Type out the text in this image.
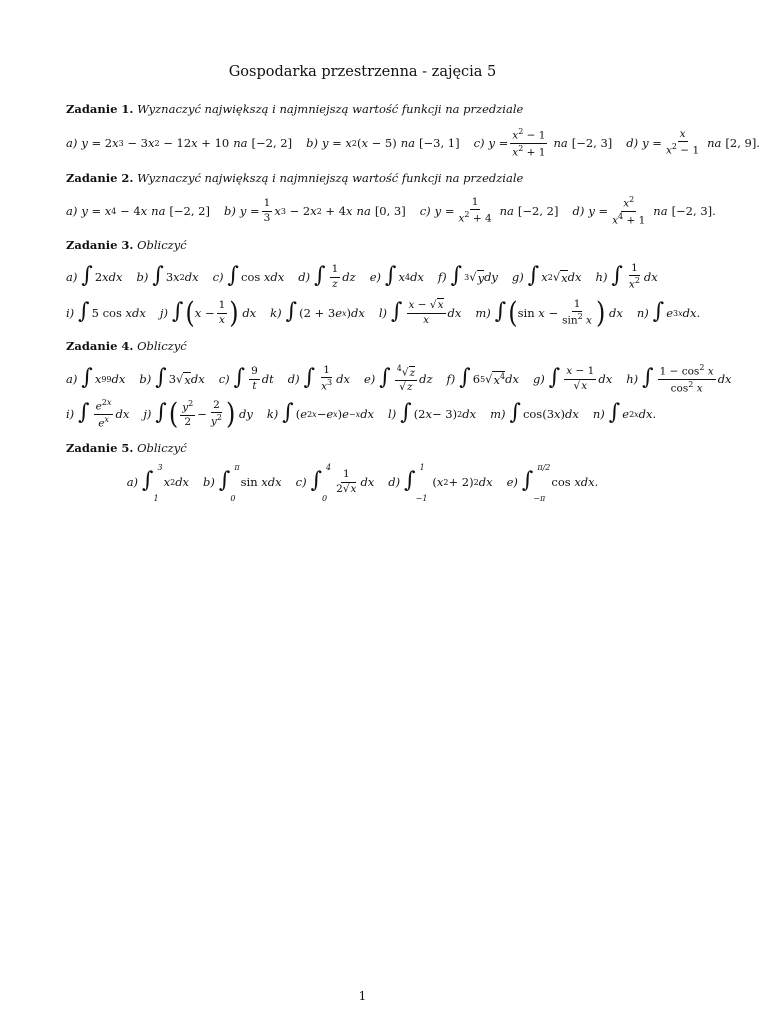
Gospodarka przestrzenna - zajęcia 5
Zadanie 1. Wyznaczyć największą i najmniejszą wartość funkcji na przedziale
a) y = 2 x 3 − 3 x 2 − 12 x + 10 na [−2, 2] b) y = x 2 ( x − 5) na [−3, 1] c) $y = \frac{x^2 - 1}{x^2 + 1}$ na [−2, 3] d) $y = \frac{x}{x^2 - 1}$ na [2, 9].
Zadanie 2. Wyznaczyć największą i najmniejszą wartość funkcji na przedziale
a) y = x 4 − 4 x na [−2, 2] b) $y = \frac{1}{3}$ x 3 − 2 x 2 + 4 x na [0, 3] c) $y = \frac{1}{x^2 + 4}$ na [−2, 2] d) $y = \frac{x^2}{x^4 + 1}$ na [−2, 3].
Zadanie 3. Obliczyć
a) ∫ 2 xdx b) ∫ 3 x 2 dx c) ∫ cos xdx d) ∫ $\frac{1}{z}$ dz e) ∫ x 4 dx f) ∫ 3 √ y dy g) ∫ x 2 √ x dx h) ∫ $\frac{1}{x^2}$ dx
i) ∫ 5 cos xdx j) ∫ ( $x - \frac{1}{x}$ )
dx k) ∫ (2 + 3 e x ) dx l) ∫ $\frac{x - √x}{x}$ dx m) ∫ ( $\sin x - \frac{1}{\sin^2 x}$ )
dx n) ∫ e 3x dx .
Zadanie 4. Obliczyć
a) ∫ x 99 dx b) ∫ 3√ x dx c) ∫ $\frac{9}{t}$ dt d) ∫ $\frac{1}{x^3}$ dx e) ∫ $\frac{^4√z}{√z}$ dz f) ∫ 6 5 √ $x^4$ dx g) ∫ $\frac{x - 1}{√x}$ dx h) ∫ $\frac{1 - \cos^2 x}{\cos^2 x}$ dx
i) ∫ $\frac{e^{2x}}{e^x}$ dx j) ∫ ( $\frac{y^2}{2} - \frac{2}{y^2}$ )
dy k) ∫ ( e 2x − e x ) e −x dx l) ∫ (2 x − 3) 2 dx m) ∫ cos(3 x ) dx n) ∫ e 2x dx .
Zadanie 5. Obliczyć
a) ∫
3
1
x 2 dx b) ∫
π
0
sin xdx c) ∫
4
0
$\frac{1}{2√x}$ dx d) ∫
1
−1
( x 2 + 2) 2 dx e) ∫
π/2
−π
cos xdx .
1
